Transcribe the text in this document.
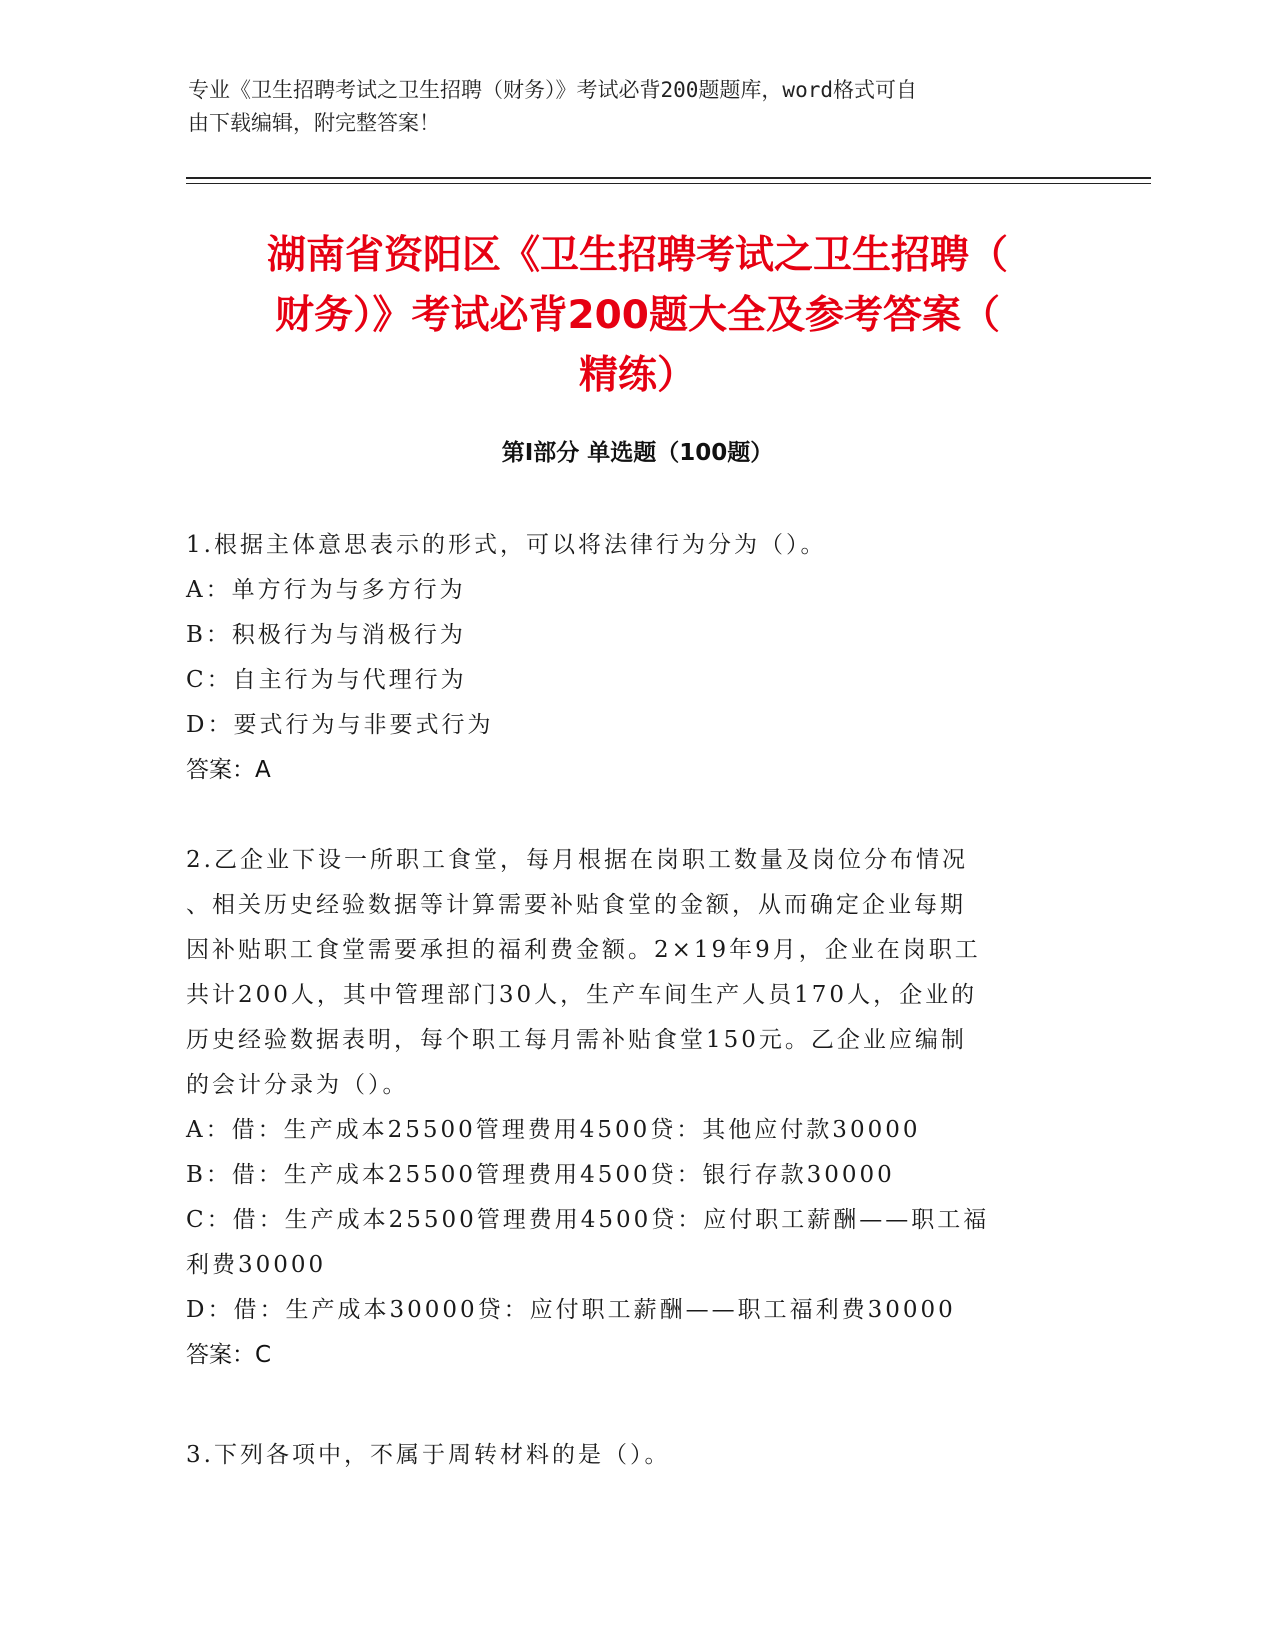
专业《卫生招聘考试之卫生招聘（财务）》考试必背200题题库，word格式可自
由下载编辑，附完整答案！
湖南省资阳区《卫生招聘考试之卫生招聘（
财务）》考试必背200题大全及参考答案（
精练）
第I部分 单选题（100题）

1.根据主体意思表示的形式，可以将法律行为分为（）。

A：单方行为与多方行为

B：积极行为与消极行为

C：自主行为与代理行为

D：要式行为与非要式行为

答案：A

2.乙企业下设一所职工食堂，每月根据在岗职工数量及岗位分布情况

、相关历史经验数据等计算需要补贴食堂的金额，从而确定企业每期

因补贴职工食堂需要承担的福利费金额。2×19年9月，企业在岗职工

共计200人，其中管理部门30人，生产车间生产人员170人，企业的

历史经验数据表明，每个职工每月需补贴食堂150元。乙企业应编制

的会计分录为（）。

A：借：生产成本25500管理费用4500贷：其他应付款30000

B：借：生产成本25500管理费用4500贷：银行存款30000

C：借：生产成本25500管理费用4500贷：应付职工薪酬——职工福

利费30000

D：借：生产成本30000贷：应付职工薪酬——职工福利费30000

答案：C

3.下列各项中，不属于周转材料的是（）。
